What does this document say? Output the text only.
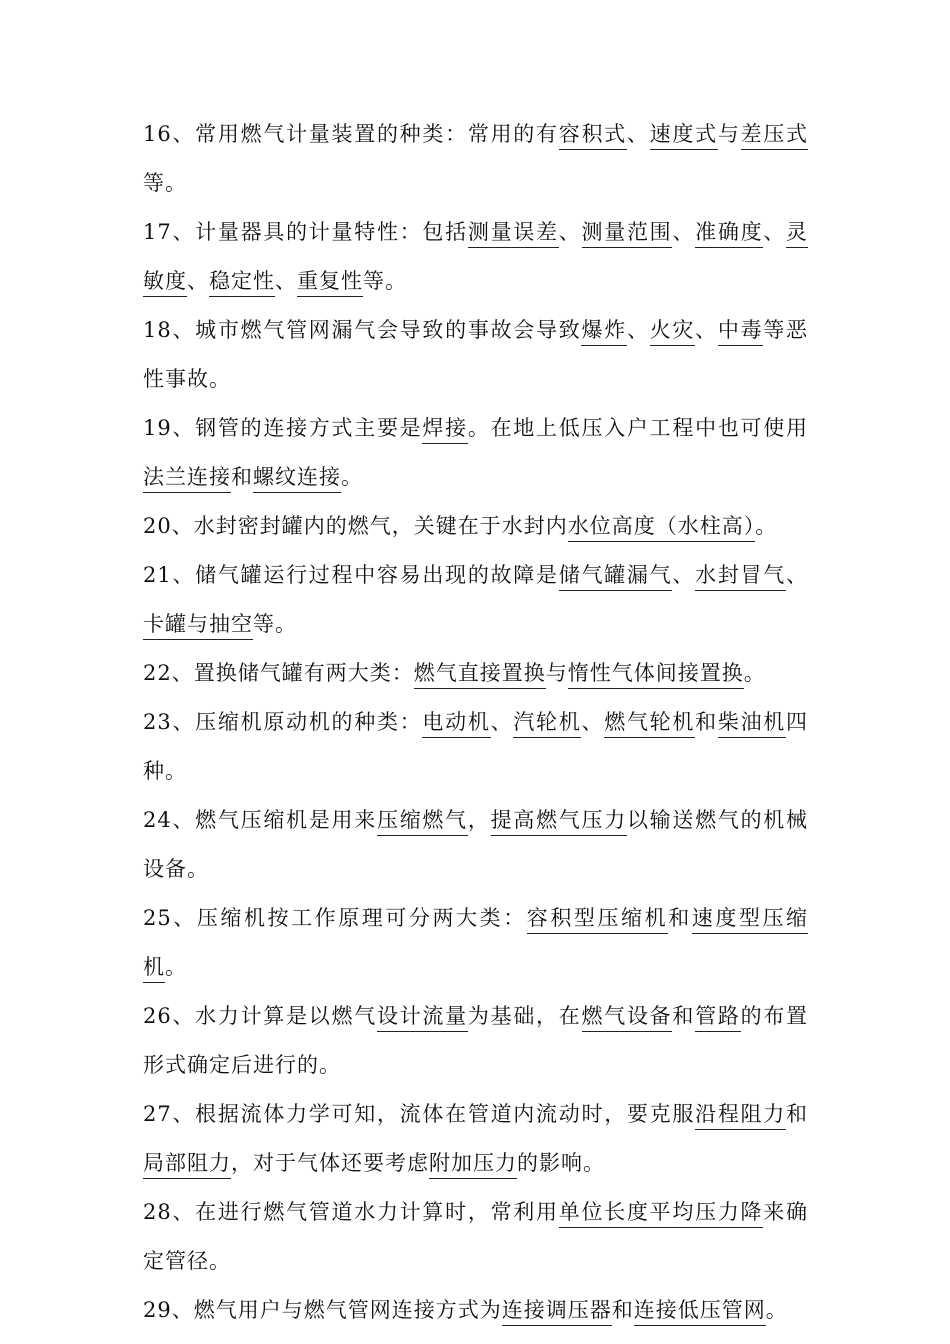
16、常用燃气计量装置的种类：常用的有容积式、速度式与差压式等。

17、计量器具的计量特性：包括测量误差、测量范围、准确度、灵敏度、稳定性、重复性等。

18、城市燃气管网漏气会导致的事故会导致爆炸、火灾、中毒等恶性事故。

19、钢管的连接方式主要是焊接。在地上低压入户工程中也可使用法兰连接和螺纹连接。

20、水封密封罐内的燃气，关键在于水封内水位高度（水柱高）。

21、储气罐运行过程中容易出现的故障是储气罐漏气、水封冒气、卡罐与抽空等。

22、置换储气罐有两大类：燃气直接置换与惰性气体间接置换。

23、压缩机原动机的种类：电动机、汽轮机、燃气轮机和柴油机四种。

24、燃气压缩机是用来压缩燃气，提高燃气压力以输送燃气的机械设备。

25、压缩机按工作原理可分两大类：容积型压缩机和速度型压缩机。

26、水力计算是以燃气设计流量为基础，在燃气设备和管路的布置形式确定后进行的。

27、根据流体力学可知，流体在管道内流动时，要克服沿程阻力和局部阻力，对于气体还要考虑附加压力的影响。

28、在进行燃气管道水力计算时，常利用单位长度平均压力降来确定管径。

29、燃气用户与燃气管网连接方式为连接调压器和连接低压管网。
